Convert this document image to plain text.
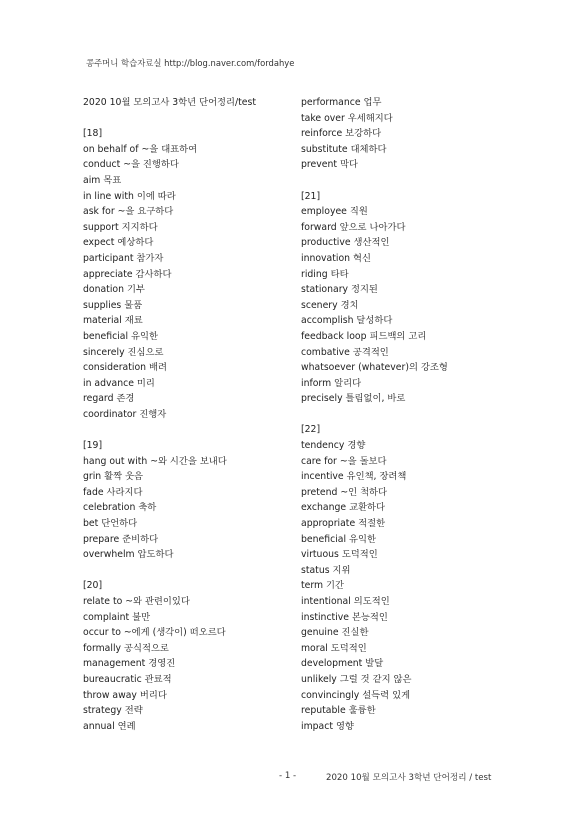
콩주머니 학습자료실 http://blog.naver.com/fordahye
2020 10월 모의고사 3학년 단어정리/test
[18]
on behalf of ~을 대표하여
conduct ~을 진행하다
aim 목표
in line with 이에 따라
ask for ~을 요구하다
support 지지하다
expect 예상하다
participant 참가자
appreciate 감사하다
donation 기부
supplies 물품
material 재료
beneficial 유익한
sincerely 진심으로
consideration 배려
in advance 미리
regard 존경
coordinator 진행자
[19]
hang out with ~와 시간을 보내다
grin 활짝 웃음
fade 사라지다
celebration 축하
bet 단언하다
prepare 준비하다
overwhelm 압도하다
[20]
relate to ~와 관련이있다
complaint 불만
occur to ~에게 (생각이) 떠오르다
formally 공식적으로
management 경영진
bureaucratic 관료적
throw away 버리다
strategy 전략
annual 연례
performance 업무
take over 우세해지다
reinforce 보강하다
substitute 대체하다
prevent 막다
[21]
employee 직원
forward 앞으로 나아가다
productive 생산적인
innovation 혁신
riding 타타
stationary 정지된
scenery 경치
accomplish 달성하다
feedback loop 피드백의 고리
combative 공격적인
whatsoever (whatever)의 강조형
inform 알리다
precisely 틀림없이, 바로
[22]
tendency 경향
care for ~을 돌보다
incentive 유인책, 장려책
pretend ~인 척하다
exchange 교환하다
appropriate 적절한
beneficial 유익한
virtuous 도덕적인
status 지위
term 기간
intentional 의도적인
instinctive 본능적인
genuine 진실한
moral 도덕적인
development 발달
unlikely 그럴 것 같지 않은
convincingly 설득력 있게
reputable 훌륭한
impact 영향
- 1 -	2020 10월 모의고사 3학년 단어정리 / test
